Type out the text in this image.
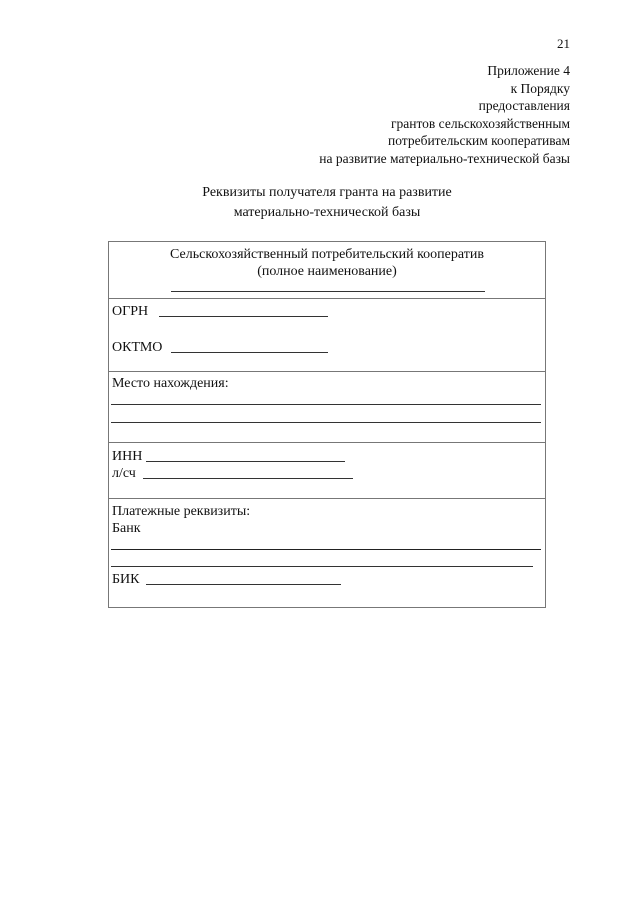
21
Приложение 4
к Порядку
предоставления
грантов сельскохозяйственным
потребительским кооперативам
на развитие материально-технической базы
Реквизиты получателя гранта на развитие
материально-технической базы
Сельскохозяйственный потребительский кооператив
(полное наименование)
ОГРН
ОКТМО
Место нахождения:
ИНН
л/сч
Платежные реквизиты:
Банк
БИК
